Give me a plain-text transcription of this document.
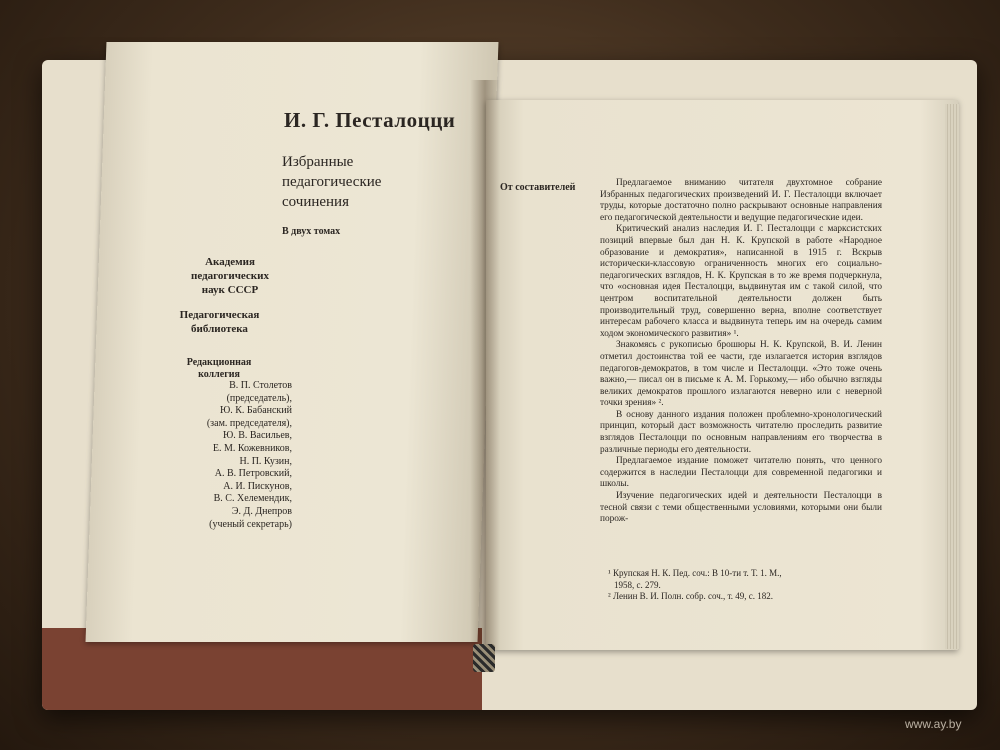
И. Г. Песталоцци
Избранные
педагогические
сочинения
В двух томах
Академия
педагогических
наук СССР
Педагогическая
библиотека
Редакционная
коллегия
В. П. Столетов
(председатель),
Ю. К. Бабанский
(зам. председателя),
Ю. В. Васильев,
Е. М. Кожевников,
Н. П. Кузин,
А. В. Петровский,
А. И. Пискунов,
В. С. Хелемендик,
Э. Д. Днепров
(ученый секретарь)
От составителей	Предлагаемое вниманию читателя двухтомное собрание Избранных педагогических произведений И. Г. Песталоцци включает труды, которые достаточно полно раскрывают основные направления его педагогической деятельности и ведущие педагогические идеи.

Критический анализ наследия И. Г. Песталоцци с марксистских позиций впервые был дан Н. К. Крупской в работе «Народное образование и демократия», написанной в 1915 г. Вскрыв исторически-классовую ограниченность многих его социально-педагогических взглядов, Н. К. Крупская в то же время подчеркнула, что «основная идея Песталоцци, выдвинутая им с такой силой, что центром воспитательной деятельности должен быть производительный труд, совершенно верна, вполне соответствует интересам рабочего класса и выдвинута теперь им на очередь самим ходом экономического развития» ¹.

Знакомясь с рукописью брошюры Н. К. Крупской, В. И. Ленин отметил достоинства той ее части, где излагается история взглядов педагогов-демократов, в том числе и Песталоцци. «Это тоже очень важно,— писал он в письме к А. М. Горькому,— ибо обычно взгляды великих демократов прошлого излагаются неверно или с неверной точки зрения» ².

В основу данного издания положен проблемно-хронологический принцип, который даст возможность читателю проследить развитие взглядов Песталоцци по основным направлениям его творчества в различные периоды его деятельности.

Предлагаемое издание поможет читателю понять, что ценного содержится в наследии Песталоцци для современной педагогики и школы.

Изучение педагогических идей и деятельности Песталоцци в тесной связи с теми общественными условиями, которыми они были порож-

¹ Крупская Н. К. Пед. соч.: В 10-ти т. Т. 1. М.,
1958, с. 279.
² Ленин В. И. Полн. собр. соч., т. 49, с. 182.
www.ay.by
